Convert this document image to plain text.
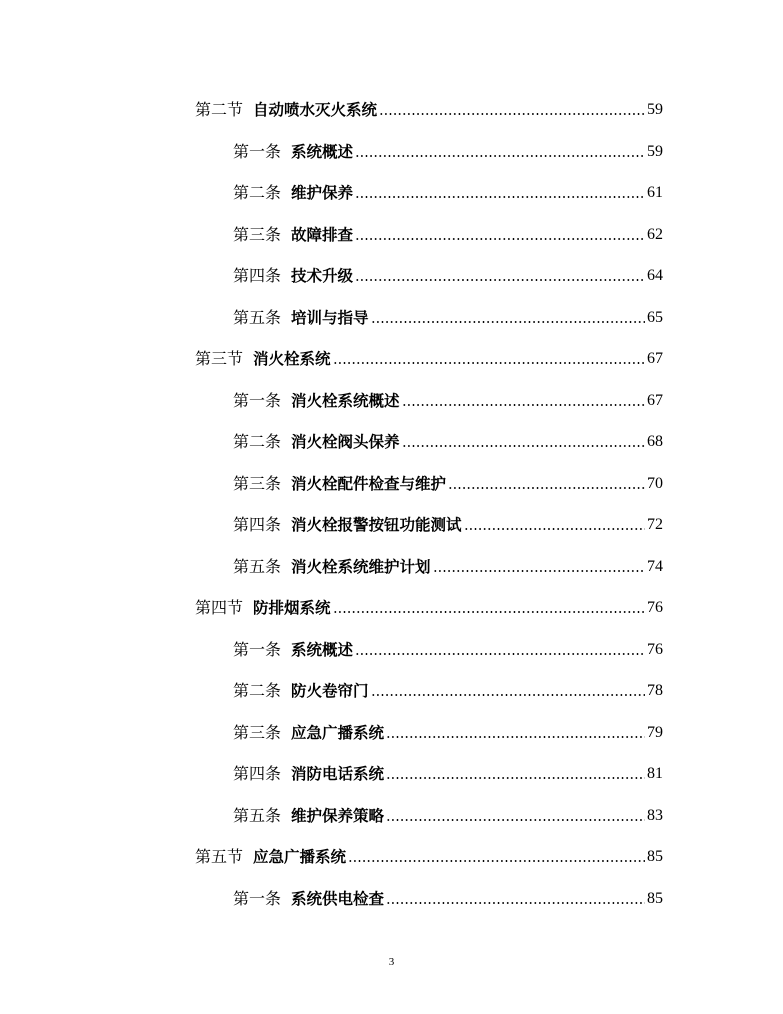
第二节 自动喷水灭火系统	59
第一条 系统概述	59
第二条 维护保养	61
第三条 故障排查	62
第四条 技术升级	64
第五条 培训与指导	65
第三节 消火栓系统	67
第一条 消火栓系统概述	67
第二条 消火栓阀头保养	68
第三条 消火栓配件检查与维护	70
第四条 消火栓报警按钮功能测试	72
第五条 消火栓系统维护计划	74
第四节 防排烟系统	76
第一条 系统概述	76
第二条 防火卷帘门	78
第三条 应急广播系统	79
第四条 消防电话系统	81
第五条 维护保养策略	83
第五节 应急广播系统	85
第一条 系统供电检查	85
3
